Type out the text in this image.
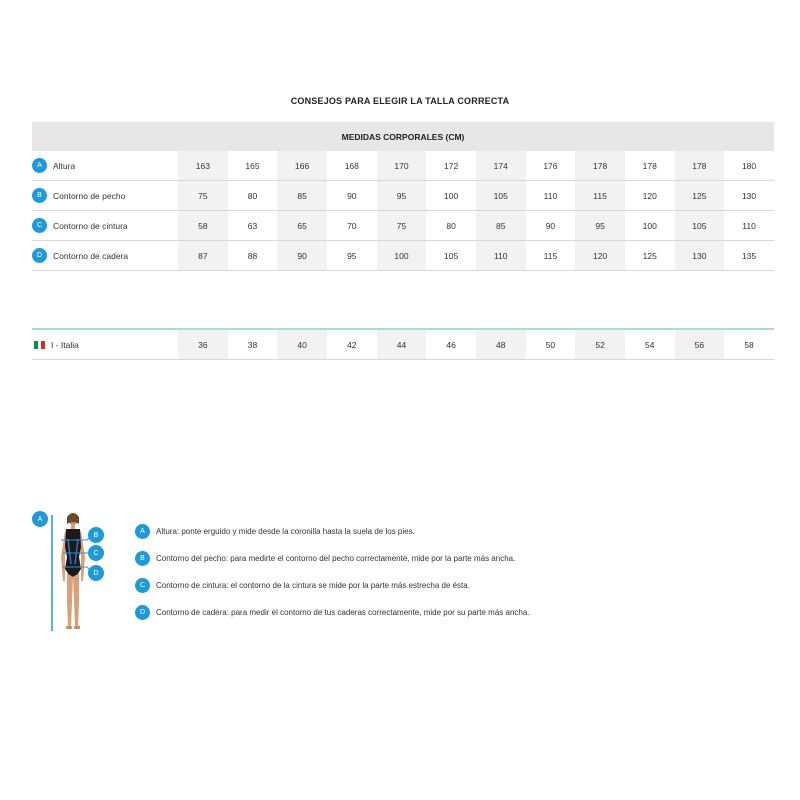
CONSEJOS PARA ELEGIR LA TALLA CORRECTA
MEDIDAS CORPORALES (CM)
A	Altura	163	165	166	168	170	172	174	176	178	178	178	180
B	Contorno de pecho	75	80	85	90	95	100	105	110	115	120	125	130
C	Contorno de cintura	58	63	65	70	75	80	85	90	95	100	105	110
D	Contorno de cadera	87	88	90	95	100	105	110	115	120	125	130	135
I - Italia	36	38	40	42	44	46	48	50	52	54	56	58
A
B
C
D
A	Altura: ponte erguido y mide desde la coronilla hasta la suela de los pies.
B	Contorno del pecho: para medirte el contorno del pecho correctamente, mide por la parte más ancha.
C	Contorno de cintura: el contorno de la cintura se mide por la parte más estrecha de ésta.
D	Contorno de cadera: para medir el contorno de tus caderas correctamente, mide por su parte más ancha.
